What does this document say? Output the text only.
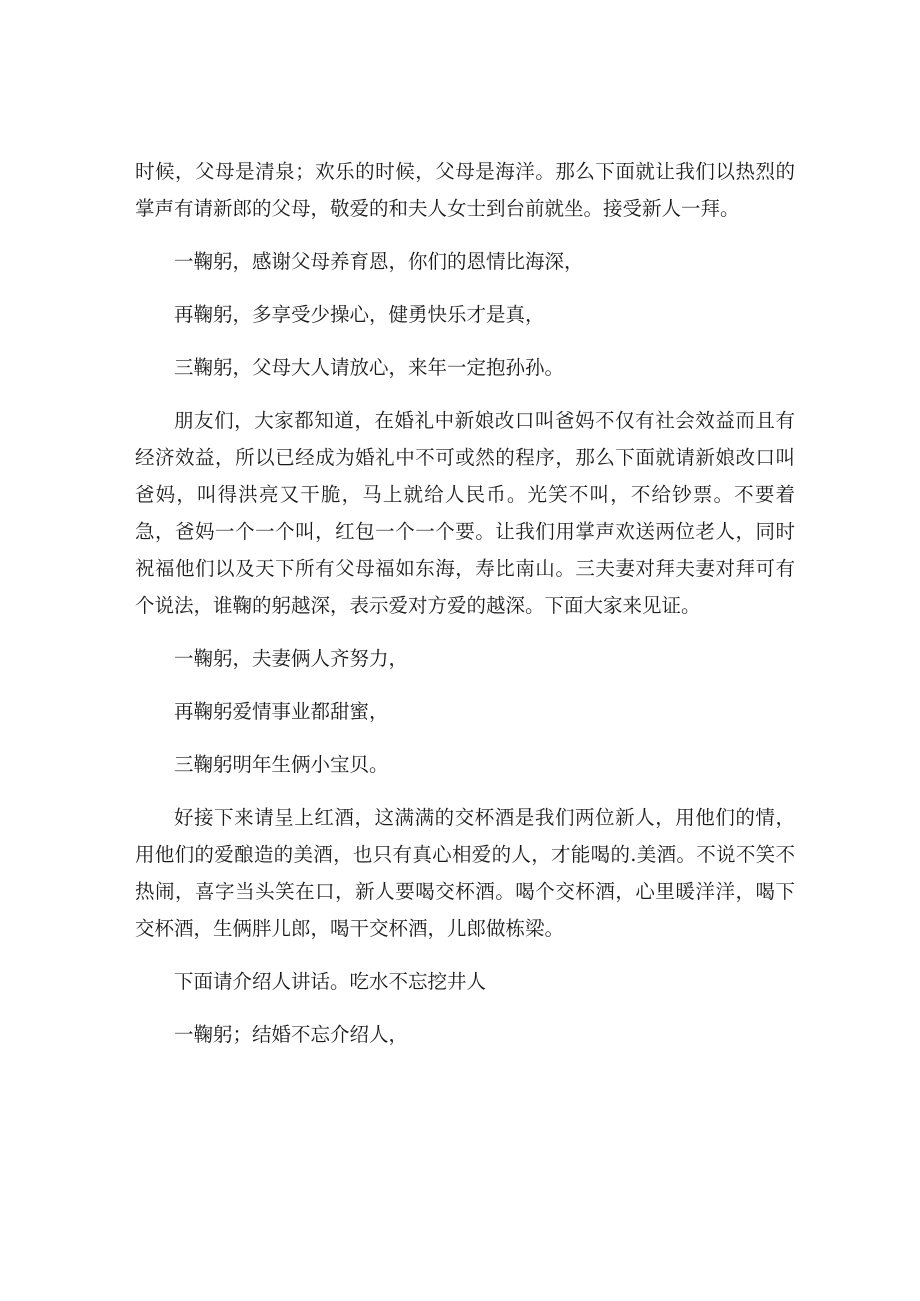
时候，父母是清泉；欢乐的时候，父母是海洋。那么下面就让我们以热烈的掌声有请新郎的父母，敬爱的和夫人女士到台前就坐。接受新人一拜。

一鞠躬，感谢父母养育恩，你们的恩情比海深，

再鞠躬，多享受少操心，健勇快乐才是真，

三鞠躬，父母大人请放心，来年一定抱孙孙。

朋友们，大家都知道，在婚礼中新娘改口叫爸妈不仅有社会效益而且有经济效益，所以已经成为婚礼中不可或然的程序，那么下面就请新娘改口叫爸妈，叫得洪亮又干脆，马上就给人民币。光笑不叫，不给钞票。不要着急，爸妈一个一个叫，红包一个一个要。让我们用掌声欢送两位老人，同时祝福他们以及天下所有父母福如东海，寿比南山。三夫妻对拜夫妻对拜可有个说法，谁鞠的躬越深，表示爱对方爱的越深。下面大家来见证。

一鞠躬，夫妻俩人齐努力，

再鞠躬爱情事业都甜蜜，

三鞠躬明年生俩小宝贝。

好接下来请呈上红酒，这满满的交杯酒是我们两位新人，用他们的情，用他们的爱酿造的美酒，也只有真心相爱的人，才能喝的.美酒。不说不笑不热闹，喜字当头笑在口，新人要喝交杯酒。喝个交杯酒，心里暖洋洋，喝下交杯酒，生俩胖儿郎，喝干交杯酒，儿郎做栋梁。

下面请介绍人讲话。吃水不忘挖井人

一鞠躬；结婚不忘介绍人，
